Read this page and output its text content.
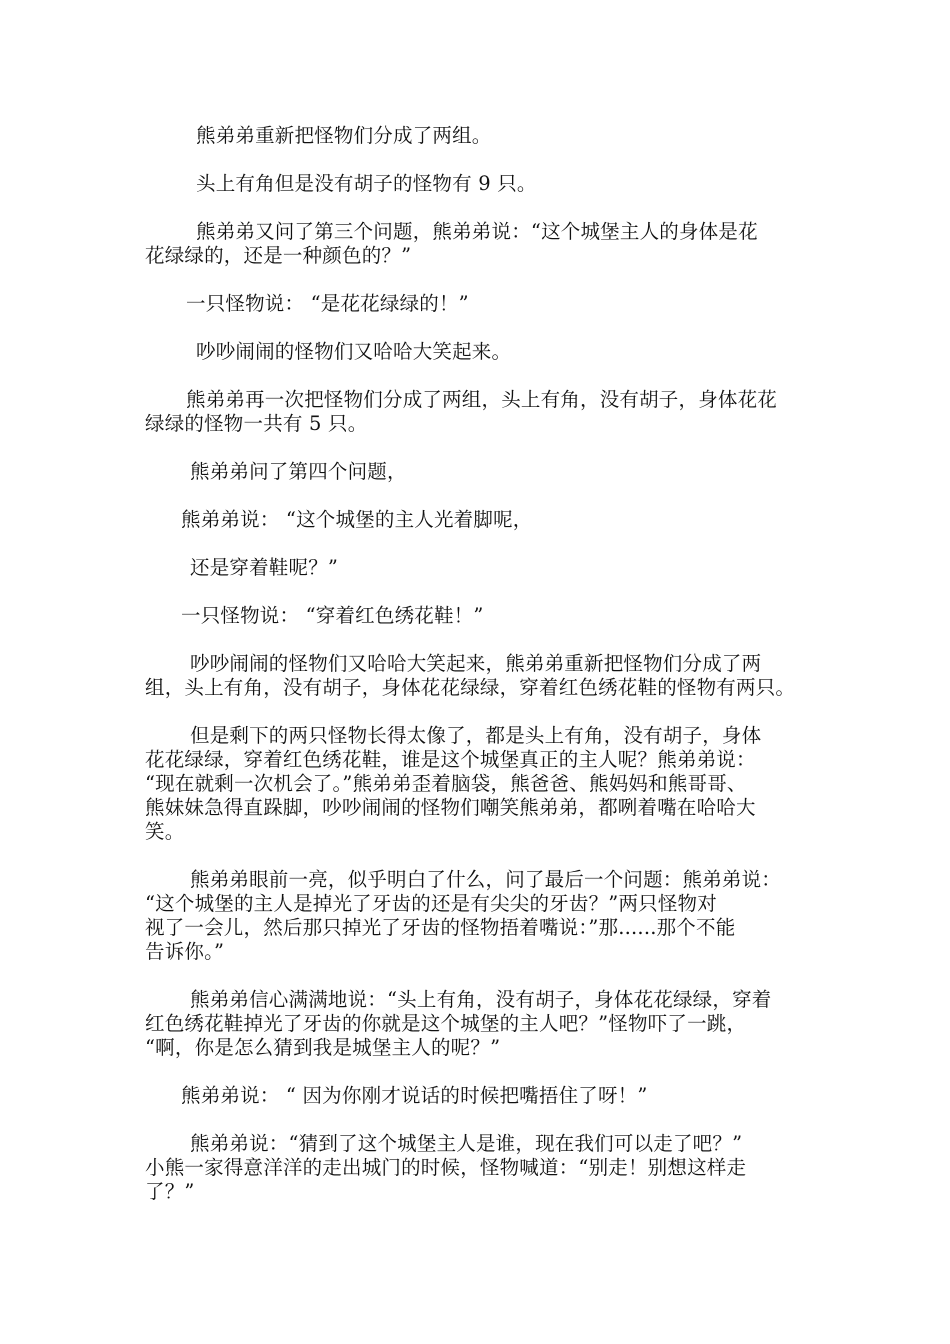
熊弟弟重新把怪物们分成了两组。

头上有角但是没有胡子的怪物有 9 只。

熊弟弟又问了第三个问题，熊弟弟说：“这个城堡主人的身体是花
花绿绿的，还是一种颜色的？”

一只怪物说： “是花花绿绿的！”

吵吵闹闹的怪物们又哈哈大笑起来。

熊弟弟再一次把怪物们分成了两组，头上有角，没有胡子，身体花花
绿绿的怪物一共有 5 只。

熊弟弟问了第四个问题，

熊弟弟说： “这个城堡的主人光着脚呢，

还是穿着鞋呢？”

一只怪物说： “穿着红色绣花鞋！”

吵吵闹闹的怪物们又哈哈大笑起来，熊弟弟重新把怪物们分成了两
组，头上有角，没有胡子，身体花花绿绿，穿着红色绣花鞋的怪物有两只。

但是剩下的两只怪物长得太像了，都是头上有角，没有胡子，身体
花花绿绿，穿着红色绣花鞋，谁是这个城堡真正的主人呢？熊弟弟说：
“现在就剩一次机会了。”熊弟弟歪着脑袋，熊爸爸、熊妈妈和熊哥哥、
熊妹妹急得直跺脚，吵吵闹闹的怪物们嘲笑熊弟弟，都咧着嘴在哈哈大
笑。

熊弟弟眼前一亮，似乎明白了什么，问了最后一个问题：熊弟弟说：
“这个城堡的主人是掉光了牙齿的还是有尖尖的牙齿？”两只怪物对
视了一会儿，然后那只掉光了牙齿的怪物捂着嘴说：”那......那个不能
告诉你。”

熊弟弟信心满满地说：“头上有角，没有胡子，身体花花绿绿，穿着
红色绣花鞋掉光了牙齿的你就是这个城堡的主人吧？”怪物吓了一跳，
“啊，你是怎么猜到我是城堡主人的呢？”

熊弟弟说： “ 因为你刚才说话的时候把嘴捂住了呀！”

熊弟弟说：“猜到了这个城堡主人是谁，现在我们可以走了吧？”
小熊一家得意洋洋的走出城门的时候，怪物喊道：“别走！别想这样走
了？”
